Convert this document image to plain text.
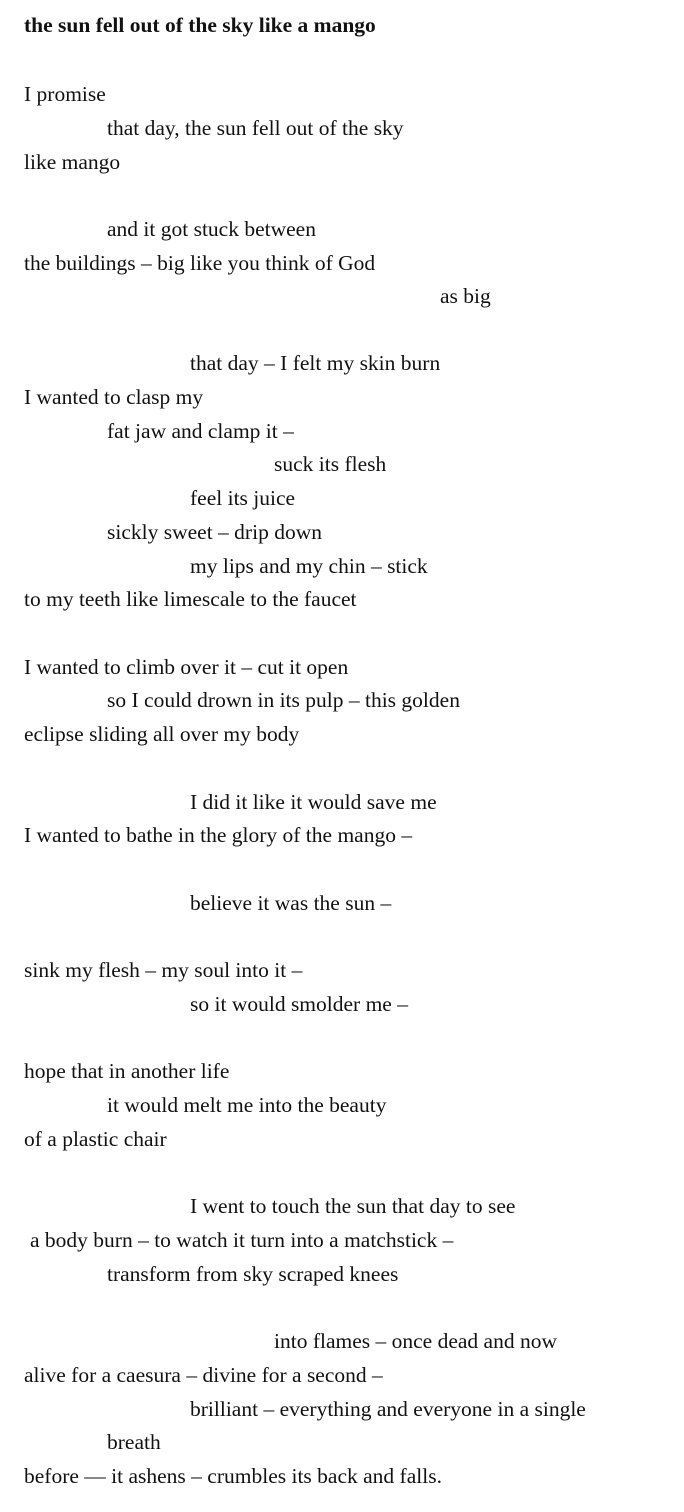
the sun fell out of the sky like a mango
I promise
that day, the sun fell out of the sky
like mango
and it got stuck between
the buildings – big like you think of God
as big
that day – I felt my skin burn
I wanted to clasp my
fat jaw and clamp it –
suck its flesh
feel its juice
sickly sweet – drip down
my lips and my chin – stick
to my teeth like limescale to the faucet
I wanted to climb over it – cut it open
so I could drown in its pulp – this golden
eclipse sliding all over my body
I did it like it would save me
I wanted to bathe in the glory of the mango –
believe it was the sun –
sink my flesh – my soul into it –
so it would smolder me –
hope that in another life
it would melt me into the beauty
of a plastic chair
I went to touch the sun that day to see
a body burn – to watch it turn into a matchstick –
transform from sky scraped knees
into flames – once dead and now
alive for a caesura – divine for a second –
brilliant – everything and everyone in a single
breath
before — it ashens – crumbles its back and falls.
